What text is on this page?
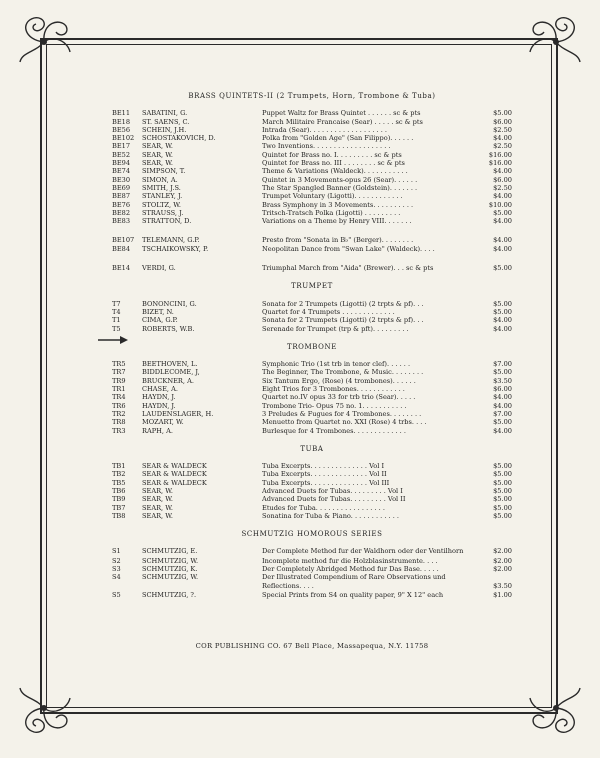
BRASS QUINTETS-II (2 Trumpets, Horn, Trombone & Tuba)
BE11	SABATINI, G.	Puppet Waltz for Brass Quintet . . . . . . sc & pts	$5.00
BE18	ST. SAENS, C.	March Militaire Francaise (Sear) . . . . . sc & pts	$6.00
BE56	SCHEIN, J.H.	Intrada (Sear). . . . . . . . . . . . . . . . . . .	$2.50
BE102	SCHOSTAKOVICH, D.	Polka from "Golden Age" (San Filippo). . . . . .	$4.00
BE17	SEAR, W.	Two Inventions. . . . . . . . . . . . . . . . . . .	$2.50
BE52	SEAR, W.	Quintet for Brass no. I. . . . . . . . . sc & pts	$16.00
BE94	SEAR, W.	Quintet for Brass no. III . . . . . . . . sc & pts	$16.00
BE74	SIMPSON, T.	Theme & Variations (Waldeck). . . . . . . . . . .	$4.00
BE30	SIMON, A.	Quintet in 3 Movements-opus 26 (Sear). . . . . .	$6.00
BE69	SMITH, J.S.	The Star Spangled Banner (Goldstein). . . . . . .	$2.50
BE87	STANLEY, J.	Trumpet Voluntary (Ligotti). . . . . . . . . . . .	$4.00
BE76	STOLTZ, W.	Brass Symphony in 3 Movements. . . . . . . . . .	$10.00
BE82	STRAUSS, J.	Tritsch-Tratsch Polka (Ligotti) . . . . . . . . .	$5.00
BE83	STRATTON, D.	Variations on a Theme by Henry VIII. . . . . . .	$4.00
BE107	TELEMANN, G.P.	Presto from "Sonata in B♭" (Berger). . . . . . . .	$4.00
BE84	TSCHAIKOWSKY, P.	Neopolitan Dance from "Swan Lake" (Waldeck). . . .	$4.00
BE14	VERDI, G.	Triumphal March from "Aida" (Brewer). . . sc & pts	$5.00
TRUMPET
T7	BONONCINI, G.	Sonata for 2 Trumpets (Ligotti) (2 trpts & pf). . .	$5.00
T4	BIZET, N.	Quartet for 4 Trumpets . . . . . . . . . . . . .	$5.00
T1	CIMA, G.P.	Sonata for 2 Trumpets (Ligotti) (2 trpts & pf). . .	$4.00
T5	ROBERTS, W.B.	Serenade for Trumpet (trp & pft). . . . . . . . .	$4.00
TROMBONE
TR5	BEETHOVEN, L.	Symphonic Trio (1st trb in tenor clef). . . . . .	$7.00
TR7	BIDDLECOME, J,	The Beginner, The Trombone, & Music. . . . . . . .	$5.00
TR9	BRUCKNER, A.	Six Tantum Ergo, (Rose) (4 trombones). . . . . .	$3.50
TR1	CHASE, A.	Eight Trios for 3 Trombones. . . . . . . . . . . .	$6.00
TR4	HAYDN, J.	Quartet no.IV opus 33 for trb trio (Sear). . . . .	$4.00
TR6	HAYDN, J.	Trombone Trio- Opus 75 no. 1. . . . . . . . . . .	$4.00
TR2	LAUDENSLAGER, H.	3 Preludes & Fugues for 4 Trombones. . . . . . . .	$7.00
TR8	MOZART, W.	Menuetto from Quartet no. XXI (Rose) 4 trbs. . . .	$5.00
TR3	RAPH, A.	Burlesque for 4 Trombones. . . . . . . . . . . . .	$4.00
TUBA
TB1	SEAR & WALDECK	Tuba Excerpts. . . . . . . . . . . . . . Vol I	$5.00
TB2	SEAR & WALDECK	Tuba Excerpts. . . . . . . . . . . . . . Vol II	$5.00
TB5	SEAR & WALDECK	Tuba Excerpts. . . . . . . . . . . . . . Vol III	$5.00
TB6	SEAR, W.	Advanced Duets for Tubas. . . . . . . . . Vol I	$5.00
TB9	SEAR, W.	Advanced Duets for Tubas. . . . . . . . . Vol II	$5.00
TB7	SEAR, W.	Etudes for Tuba. . . . . . . . . . . . . . . . .	$5.00
TB8	SEAR, W.	Sonatina for Tuba & Piano. . . . . . . . . . . .	$5.00
SCHMUTZIG HOMOROUS SERIES
S1	SCHMUTZIG, E.	Der Complete Method fur der Waldhorn oder der Ventilhorn	$2.00
S2	SCHMUTZIG, W.	Incomplete method fur die Holzblasinstrumente. . . .	$2.00
S3	SCHMUTZIG, K.	Der Completely Abridged Method fur Das Base. . . . .	$2.00
S4	SCHMUTZIG, W.	Der Illustrated Compendium of Rare Observations und Reflections. . . .	$3.50
S5	SCHMUTZIG, ?.	Special Prints from S4 on quality paper, 9" X 12" each	$1.00
COR PUBLISHING CO. 67 Bell Place, Massapequa, N.Y. 11758
